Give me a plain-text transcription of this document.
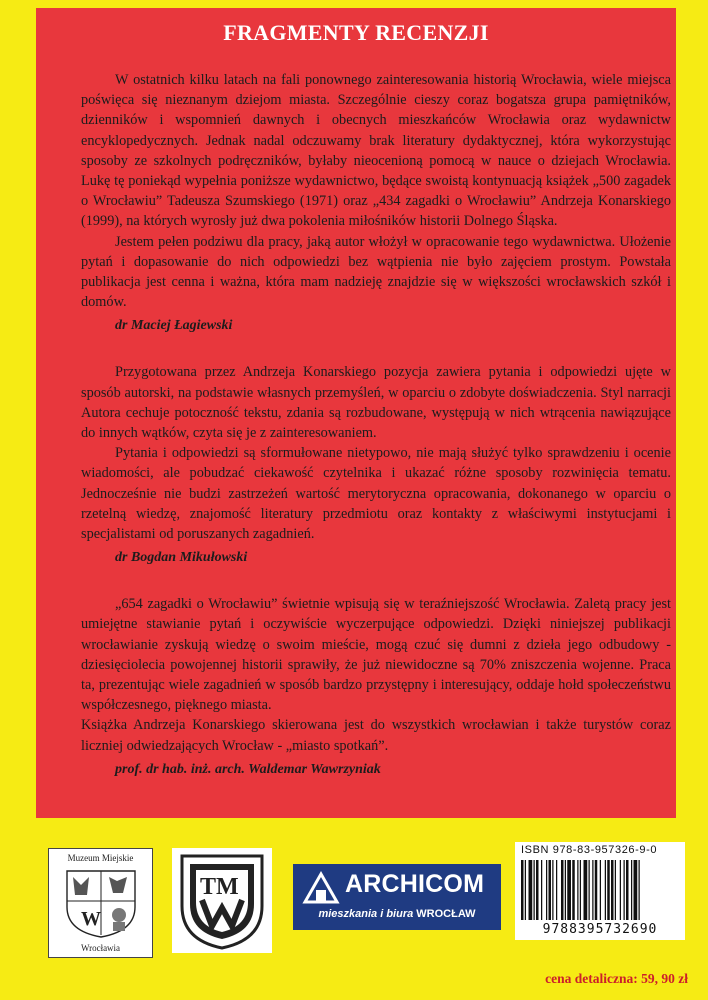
FRAGMENTY RECENZJI

W ostatnich kilku latach na fali ponownego zainteresowania historią Wrocławia, wiele miejsca poświęca się nieznanym dziejom miasta. Szczególnie cieszy coraz bogatsza grupa pamiętników, dzienników i wspomnień dawnych i obecnych mieszkańców Wrocławia oraz wydawnictw encyklopedycznych. Jednak nadal odczuwamy brak literatury dydaktycznej, która wykorzystując sposoby ze szkolnych podręczników, byłaby nieocenioną pomocą w nauce o dziejach Wrocławia. Lukę tę poniekąd wypełnia poniższe wydawnictwo, będące swoistą kontynuacją książek „500 zagadek o Wrocławiu” Tadeusza Szumskiego (1971) oraz „434 zagadki o Wrocławiu” Andrzeja Konarskiego (1999), na których wyrosły już dwa pokolenia miłośników historii Dolnego Śląska.

Jestem pełen podziwu dla pracy, jaką autor włożył w opracowanie tego wydawnictwa. Ułożenie pytań i dopasowanie do nich odpowiedzi bez wątpienia nie było zajęciem prostym. Powstała publikacja jest cenna i ważna, która mam nadzieję znajdzie się w większości wrocławskich szkół i domów.

dr Maciej Łagiewski

Przygotowana przez Andrzeja Konarskiego pozycja zawiera pytania i odpowiedzi ujęte w sposób autorski, na podstawie własnych przemyśleń, w oparciu o zdobyte doświadczenia. Styl narracji Autora cechuje potoczność tekstu, zdania są rozbudowane, występują w nich wtrącenia nawiązujące do innych wątków, czyta się je z zainteresowaniem.

Pytania i odpowiedzi są sformułowane nietypowo, nie mają służyć tylko sprawdzeniu i ocenie wiadomości, ale pobudzać ciekawość czytelnika i ukazać różne sposoby rozwinięcia tematu. Jednocześnie nie budzi zastrzeżeń wartość merytoryczna opracowania, dokonanego w oparciu o rzetelną wiedzę, znajomość literatury przedmiotu oraz kontakty z właściwymi instytucjami i specjalistami od poruszanych zagadnień.

dr Bogdan Mikułowski

„654 zagadki o Wrocławiu” świetnie wpisują się w teraźniejszość Wrocławia. Zaletą pracy jest umiejętne stawianie pytań i oczywiście wyczerpujące odpowiedzi. Dzięki niniejszej publikacji wrocławianie zyskują wiedzę o swoim mieście, mogą czuć się dumni z dzieła jego odbudowy - dziesięciolecia powojennej historii sprawiły, że już niewidoczne są 70% zniszczenia wojenne. Praca ta, prezentując wiele zagadnień w sposób bardzo przystępny i interesujący, oddaje hołd społeczeństwu współczesnego, pięknego miasta.

Książka Andrzeja Konarskiego skierowana jest do wszystkich wrocławian i także turystów coraz liczniej odwiedzających Wrocław - „miasto spotkań”.

prof. dr hab. inż. arch. Waldemar Wawrzyniak

Muzeum Miejskie
W
Wrocławia
TM	ARCHICOM
mieszkania i biura WROCŁAW
ISBN 978-83-957326-9-0
9788395732690
cena detaliczna: 59, 90 zł
